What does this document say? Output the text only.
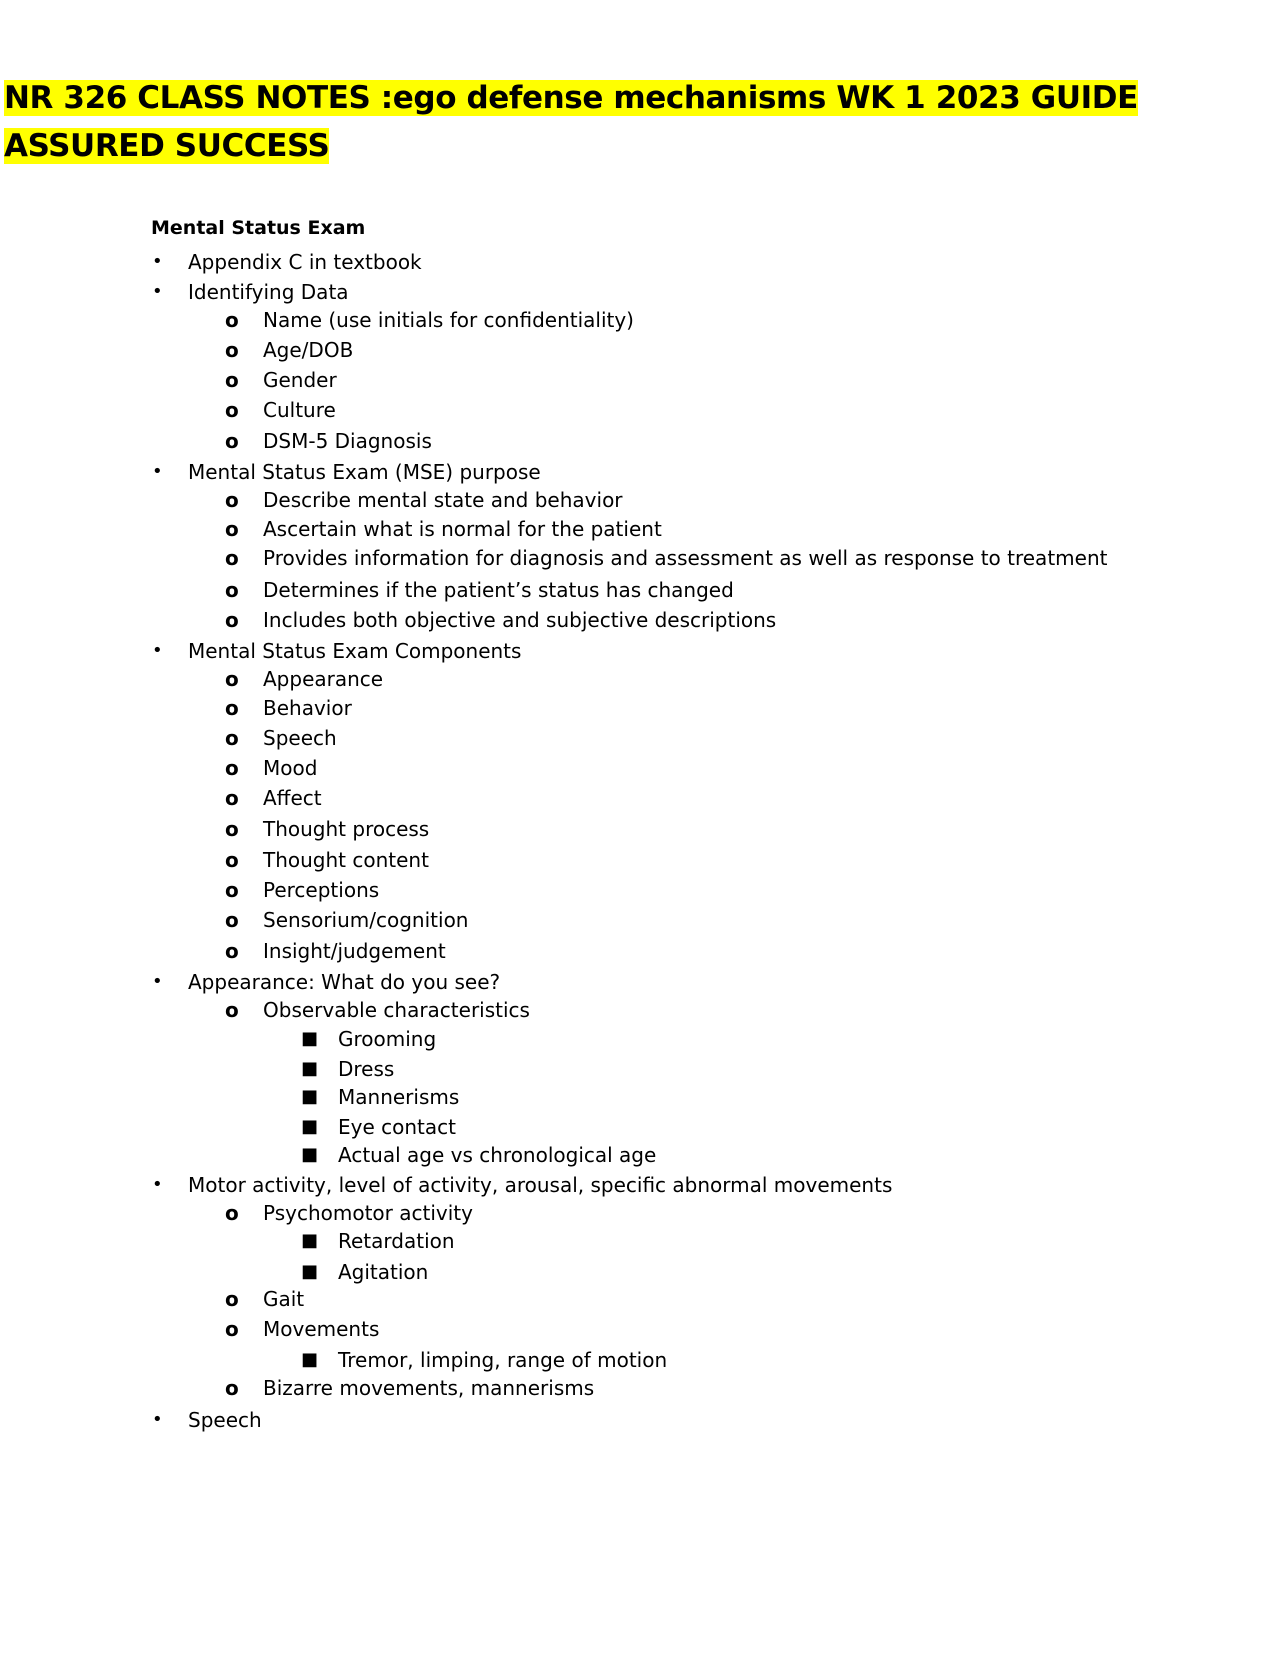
NR 326 CLASS NOTES :ego defense mechanisms WK 1 2023 GUIDE ASSURED SUCCESS
Mental Status Exam
• Appendix C in textbook
• Identifying Data
o Name (use initials for confidentiality)
o Age/DOB
o Gender
o Culture
o DSM-5 Diagnosis
• Mental Status Exam (MSE) purpose
o Describe mental state and behavior
o Ascertain what is normal for the patient
o Provides information for diagnosis and assessment as well as response to treatment
o Determines if the patient’s status has changed
o Includes both objective and subjective descriptions
• Mental Status Exam Components
o Appearance
o Behavior
o Speech
o Mood
o Affect
o Thought process
o Thought content
o Perceptions
o Sensorium/cognition
o Insight/judgement
• Appearance: What do you see?
o Observable characteristics
■ Grooming
■ Dress
■ Mannerisms
■ Eye contact
■ Actual age vs chronological age
• Motor activity, level of activity, arousal, specific abnormal movements
o Psychomotor activity
■ Retardation
■ Agitation
o Gait
o Movements
■ Tremor, limping, range of motion
o Bizarre movements, mannerisms
• Speech
